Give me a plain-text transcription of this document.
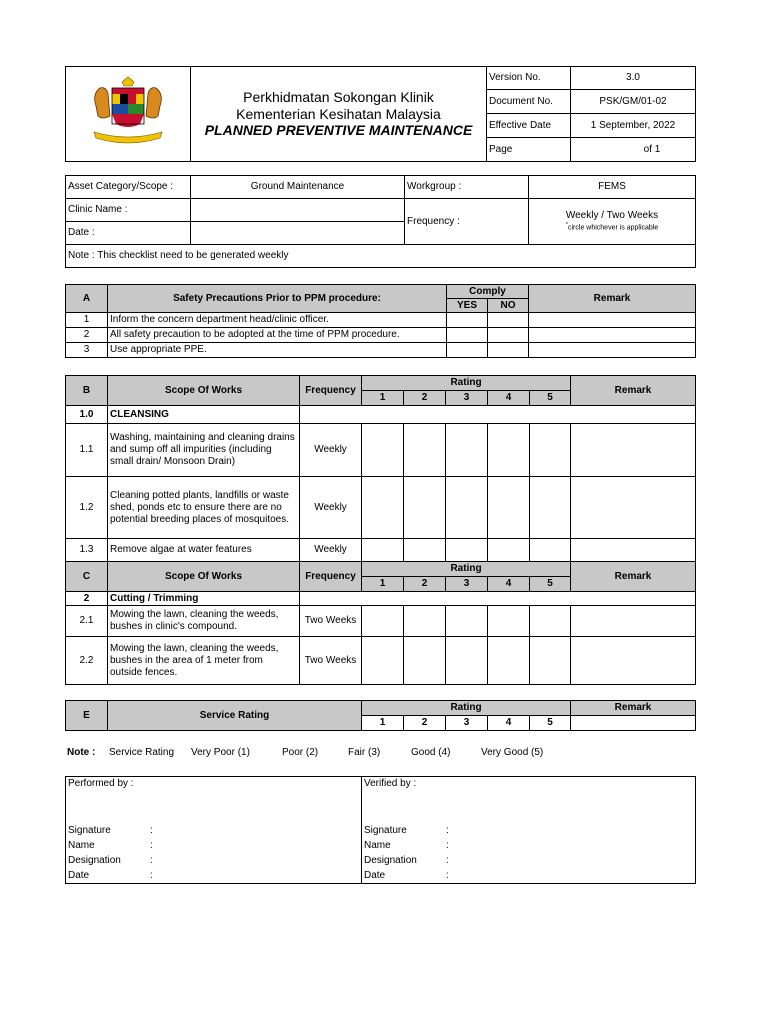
Perkhidmatan Sokongan Klinik
Kementerian Kesihatan Malaysia
PLANNED PREVENTIVE MAINTENANCE	Version No.	3.0
		Document No.	PSK/GM/01-02
		Effective Date	1 September, 2022
		Page	of 1
Asset Category/Scope :	Ground Maintenance	Workgroup :	FEMS
Clinic Name :		Frequency :	Weekly / Two Weeks
*circle whichever is applicable

Date :			
Note : This checklist need to be generated weekly			
A	Safety Precautions Prior to PPM procedure:	Comply		Remark
		YES	NO	
1	Inform the concern department head/clinic officer.			
2	All safety precaution to be adopted at the time of PPM procedure.			
3	Use appropriate PPE.			
B	Scope Of Works	Frequency	Rating					Remark
			1	2	3	4	5	
1.0	CLEANSING							
1.1	Washing, maintaining and cleaning drains and sump off all impurities (including small drain/ Monsoon Drain)	Weekly						
1.2	Cleaning potted plants, landfills or waste shed, ponds etc to ensure there are no potential breeding places of mosquitoes.	Weekly						
1.3	Remove algae at water features	Weekly						
C	Scope Of Works	Frequency	Rating					Remark
			1	2	3	4	5	
2	Cutting / Trimming							
2.1	Mowing the lawn, cleaning the weeds, bushes in clinic's compound.	Two Weeks						
2.2	Mowing the lawn, cleaning the weeds, bushes in the area of 1 meter from outside fences.	Two Weeks						
E	Service Rating	Rating					Remark
		1	2	3	4	5	
Note : Service Rating Very Poor (1)	Poor (2)	Fair (3)	Good (4)	Very Good (5)
Performed by :
Signature	:
Name	:
Designation	:
Date	:

Verified by :
Signature	:
Name	:
Designation	:
Date	:
